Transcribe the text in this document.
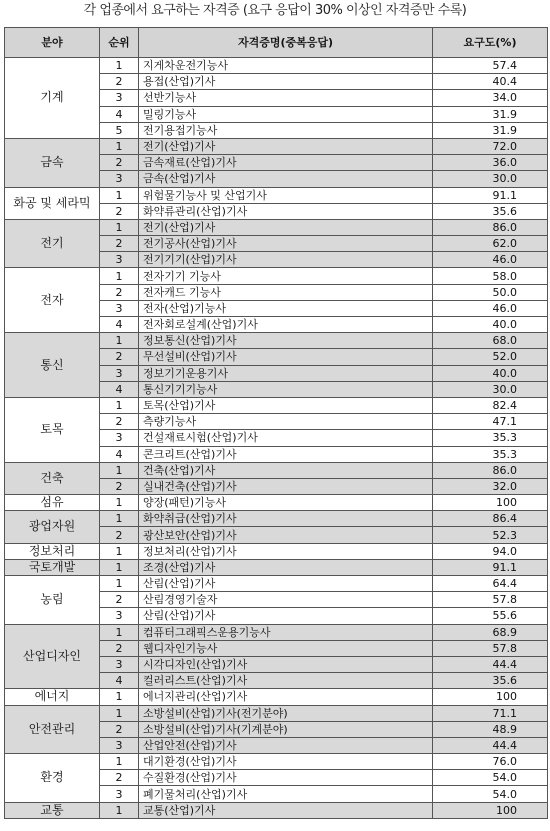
각 업종에서 요구하는 자격증 (요구 응답이 30% 이상인 자격증만 수록)
분야	순위	자격증명(중복응답)	요구도(%)
기계	1	지게차운전기능사	57.4
	2	용접(산업)기사	40.4
	3	선반기능사	34.0
	4	밀링기능사	31.9
	5	전기용접기능사	31.9
금속	1	전기(산업)기사	72.0
	2	금속재료(산업)기사	36.0
	3	금속(산업)기사	30.0
화공 및 세라믹	1	위험물기능사 및 산업기사	91.1
	2	화약류관리(산업)기사	35.6
전기	1	전기(산업)기사	86.0
	2	전기공사(산업)기사	62.0
	3	전기기기(산업)기사	46.0
전자	1	전자기기 기능사	58.0
	2	전자캐드 기능사	50.0
	3	전자(산업)기능사	46.0
	4	전자회로설계(산업)기사	40.0
통신	1	정보통신(산업)기사	68.0
	2	무선설비(산업)기사	52.0
	3	정보기기운용기사	40.0
	4	통신기기기능사	30.0
토목	1	토목(산업)기사	82.4
	2	측량기능사	47.1
	3	건설재료시험(산업)기사	35.3
	4	콘크리트(산업)기사	35.3
건축	1	건축(산업)기사	86.0
	2	실내건축(산업)기사	32.0
섬유	1	양장(패턴)기능사	100
광업자원	1	화약취급(산업)기사	86.4
	2	광산보안(산업)기사	52.3
정보처리	1	정보처리(산업)기사	94.0
국토개발	1	조경(산업)기사	91.1
농림	1	산림(산업)기사	64.4
	2	산림경영기술자	57.8
	3	산림(산업)기사	55.6
산업디자인	1	컴퓨터그래픽스운용기능사	68.9
	2	웹디자인기능사	57.8
	3	시각디자인(산업)기사	44.4
	4	컬러리스트(산업)기사	35.6
에너지	1	에너지관리(산업)기사	100
안전관리	1	소방설비(산업)기사(전기분야)	71.1
	2	소방설비(산업)기사(기계분야)	48.9
	3	산업안전(산업)기사	44.4
환경	1	대기환경(산업)기사	76.0
	2	수질환경(산업)기사	54.0
	3	폐기물처리(산업)기사	54.0
교통	1	교통(산업)기사	100
